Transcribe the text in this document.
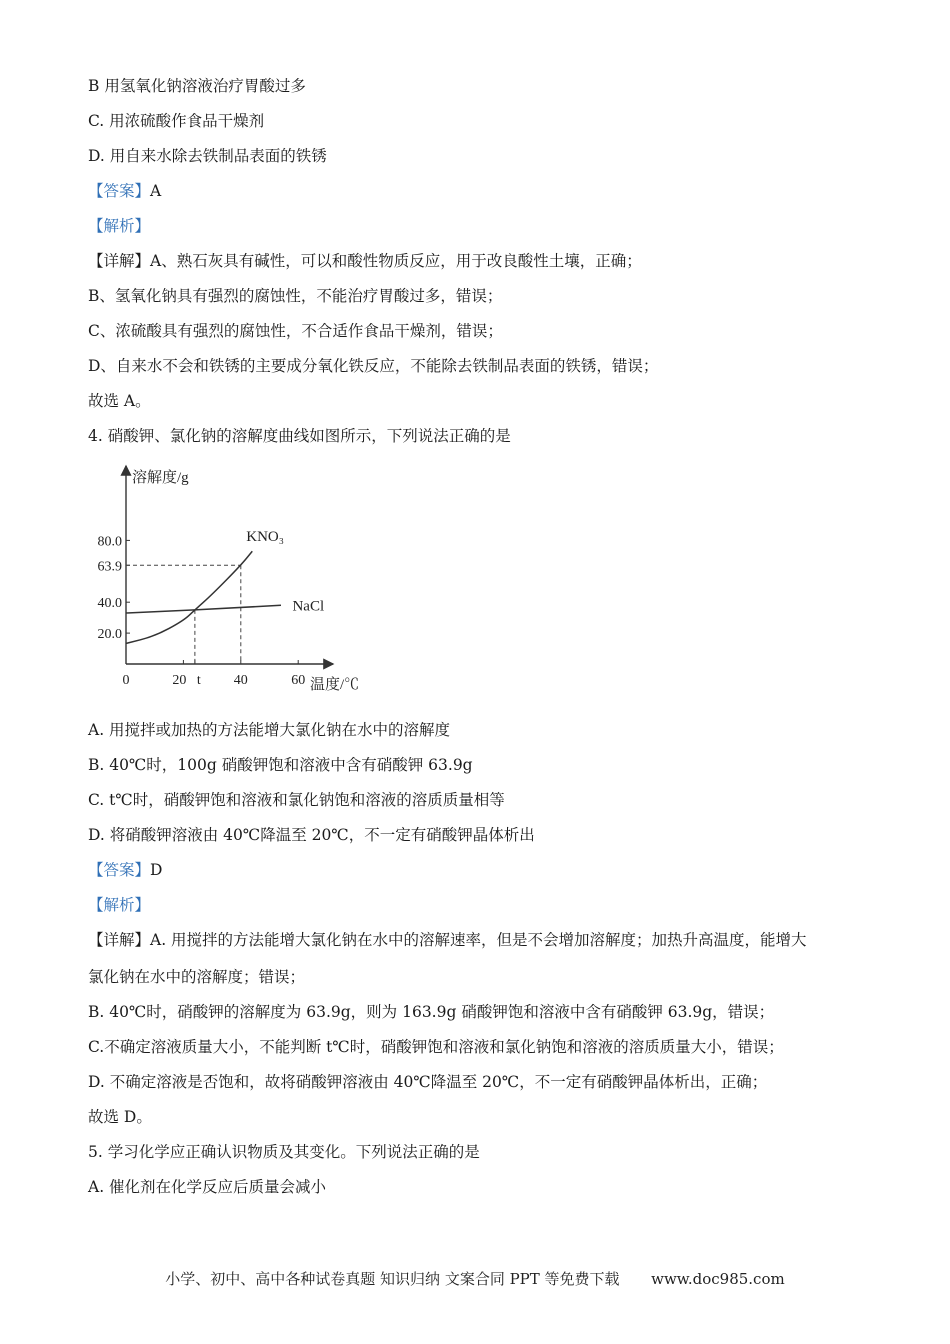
B 用氢氧化钠溶液治疗胃酸过多
C. 用浓硫酸作食品干燥剂
D. 用自来水除去铁制品表面的铁锈
【答案】A
【解析】
【详解】A、熟石灰具有碱性，可以和酸性物质反应，用于改良酸性土壤，正确；
B、氢氧化钠具有强烈的腐蚀性，不能治疗胃酸过多，错误；
C、浓硫酸具有强烈的腐蚀性，不合适作食品干燥剂，错误；
D、自来水不会和铁锈的主要成分氧化铁反应，不能除去铁制品表面的铁锈，错误；
故选 A。
4. 硝酸钾、氯化钠的溶解度曲线如图所示，下列说法正确的是
80.0
63.9
40.0
20.0
0	20 t 40	60
溶解度/g
温度/℃
KNO₃
NaCl
A. 用搅拌或加热的方法能增大氯化钠在水中的溶解度
B. 40℃时，100g 硝酸钾饱和溶液中含有硝酸钾 63.9g
C. t℃时，硝酸钾饱和溶液和氯化钠饱和溶液的溶质质量相等
D. 将硝酸钾溶液由 40℃降温至 20℃，不一定有硝酸钾晶体析出
【答案】D
【解析】
【详解】A. 用搅拌的方法能增大氯化钠在水中的溶解速率，但是不会增加溶解度；加热升高温度，能增大
氯化钠在水中的溶解度；错误；
B. 40℃时，硝酸钾的溶解度为 63.9g，则为 163.9g 硝酸钾饱和溶液中含有硝酸钾 63.9g，错误；
C.不确定溶液质量大小，不能判断 t℃时，硝酸钾饱和溶液和氯化钠饱和溶液的溶质质量大小，错误；
D. 不确定溶液是否饱和，故将硝酸钾溶液由 40℃降温至 20℃，不一定有硝酸钾晶体析出，正确；
故选 D。
5. 学习化学应正确认识物质及其变化。下列说法正确的是
A. 催化剂在化学反应后质量会减小
小学、初中、高中各种试卷真题 知识归纳 文案合同 PPT 等免费下载 www.doc985.com
